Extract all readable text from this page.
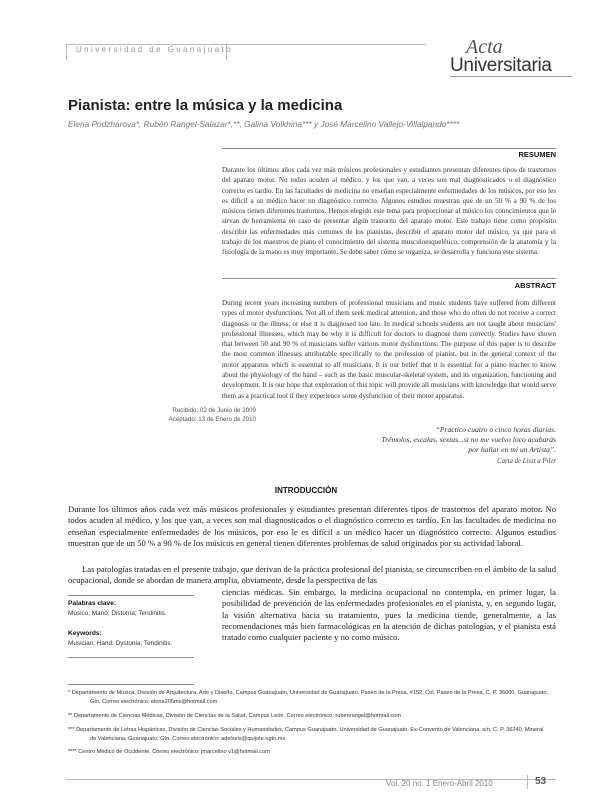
Universidad de Guanajuato	Acta
Universitaria
Pianista: entre la música y la medicina
Elena Podzharova*, Rubén Rangel-Salazar*,**, Galina Volkhina*** y José Marcelino Vallejo-Villalpando****
RESUMEN
Durante los últimos años cada vez más músicos profesionales y estudiantes presentan diferentes tipos de trastornos del aparato motor. No todos acuden al médico, y los que van, a veces son mal diagnosticados o el diagnóstico correcto es tardío. En las facultades de medicina no enseñan especialmente enfermedades de los músicos, por eso les es difícil a un médico hacer un diagnóstico correcto. Algunos estudios muestran que de un 50 % a 90 % de los músicos tienen diferentes trastornos. Hemos elegido este tema para proporcionar al músico los conocimientos que le sirvan de herramienta en caso de presentar algún trastorno del aparato motor. Este trabajo tiene como propósito describir las enfermedades más comunes de los pianistas, describir el aparato motor del músico, ya que para el trabajo de los maestros de piano el conocimiento del sistema musculoesquelético, comprensión de la anatomía y la fisiología de la mano es muy importante. Se debe saber cómo se organiza, se desarrolla y funciona este sistema.
ABSTRACT
During recent years increasing numbers of professional musicians and music students have suffered from different types of motor dysfunctions. Not all of them seek medical attention, and those who do often do not receive a correct diagnosis or the illness, or else it is diagnosed too late. In medical schools students are not taught about musicians' professional illnesses, which may be why it is difficult for doctors to diagnose them correctly. Studies have shown that between 50 and 90 % of musicians suffer various motor dysfunctions. The purpose of this paper is to describe the most common illnesses attributable specifically to the profession of pianist, but in the general context of the motor apparatus which is essential to all musicians. It is our belief that it is essential for a piano teacher to know about the physiology of the hand – such as the basic muscular-skeletal system, and its organization, functioning and development. It is our hope that exploration of this topic will provide all musicians with knowledge that would serve them as a practical tool if they experience some dysfunction of their motor apparatus.
Recibido: 02 de Junio de 2009
Aceptado: 13 de Enero de 2010
“Practico cuatro o cinco horas diarias.
Trémolos, escalas, sextas...si no me vuelvo loco acabarás
por hallar en mí un Artista”.
Carta de Liszt a Piler
INTRODUCCIÓN
Durante los últimos años cada vez más músicos profesionales y estudiantes presentan diferentes tipos de trastornos del aparato motor. No todos acuden al médico, y los que van, a veces son mal diagnosticados o el diagnóstico correcto es tardío. En las facultades de medicina no enseñan especialmente enfermedades de los músicos, por eso le es difícil a un médico hacer un diagnóstico correcto. Algunos estudios muestran que de un 50 % a 90 % de los músicos en general tienen diferentes problemas de salud originados por su actividad laboral.
Las patologías tratadas en el presente trabajo, que derivan de la práctica profesional del pianista, se circunscriben en el ámbito de la salud ocupacional, donde se abordan de manera amplia, obviamente, desde la perspectiva de las
ciencias médicas. Sin embargo, la medicina ocupacional no contempla, en primer lugar, la posibilidad de prevención de las enfermedades profesionales en el pianista, y, en segundo lugar, la visión alternativa hacia su tratamiento, pues la medicina tiende, generalmente, a las recomendaciones más bien farmacológicas en la atención de dichas patologías, y el pianista está tratado como cualquier paciente y no como músico.
Palabras clave:
Músico; Mano; Distonía; Tendinitis.
Keywords:
Musician; Hand; Dystonia; Tendinitis.
* Departamento de Música, División de Arquitectura, Arte y Diseño, Campus Guanajuato, Universidad de Guanajuato. Paseo de la Presa, #152, Col. Paseo de la Presa, C. P. 36000, Guanajuato,
Gto. Correo electrónico: elena205mx@hotmail.com
** Departamento de Ciencias Médicas, División de Ciencias de la Salud, Campus León. Correo electrónico: rubenrangel@hotmail.com
*** Departamento de Letras Hispánicas, División de Ciencias Sociales y Humanidades, Campus Guanajuato, Universidad de Guanajuato. Ex-Convento de Valenciana, s/n, C. P. 36240, Mineral
de Valenciana, Guanajuato, Gto. Correo electrónico: adelseis@quijote.ugto.mx
**** Centro Médico de Occidente. Correo electrónico: jmarcelino v1@hotmail.com
Vol. 20 no. 1 Enero-Abril 2010	53
